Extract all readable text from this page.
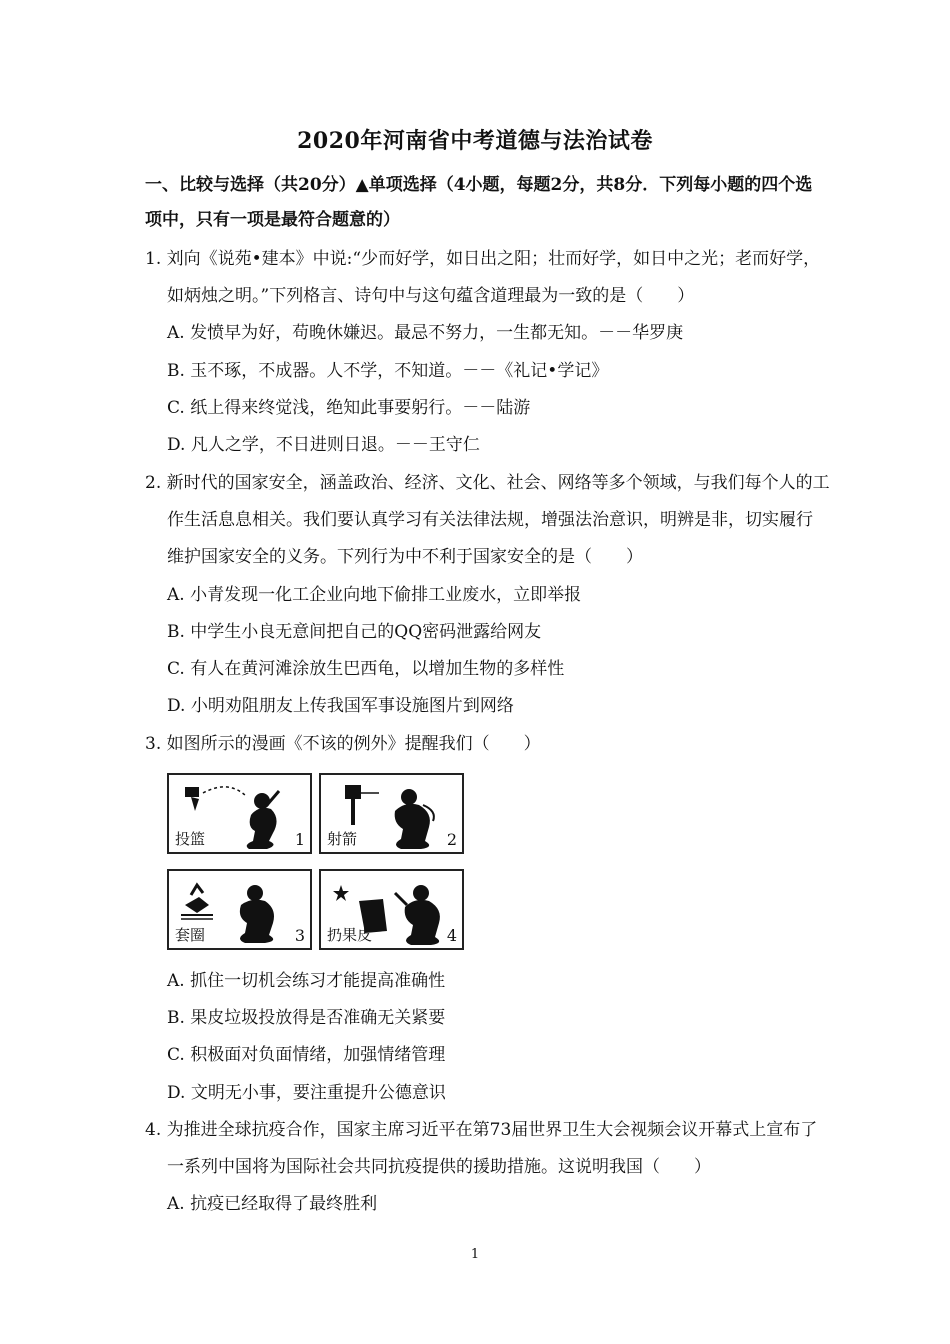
2020年河南省中考道德与法治试卷
一、比较与选择（共20分）▲单项选择（4小题，每题2分，共8分．下列每小题的四个选
项中，只有一项是最符合题意的）
1. 刘向《说苑•建本》中说:“少而好学，如日出之阳；壮而好学，如日中之光；老而好学，
如炳烛之明。”下列格言、诗句中与这句蕴含道理最为一致的是（　　）
A. 发愤早为好，苟晚休嫌迟。最忌不努力，一生都无知。－－华罗庚
B. 玉不琢，不成器。人不学，不知道。－－《礼记•学记》
C. 纸上得来终觉浅，绝知此事要躬行。－－陆游
D. 凡人之学，不日进则日退。－－王守仁
2. 新时代的国家安全，涵盖政治、经济、文化、社会、网络等多个领域，与我们每个人的工
作生活息息相关。我们要认真学习有关法律法规，增强法治意识，明辨是非，切实履行
维护国家安全的义务。下列行为中不利于国家安全的是（　　）
A. 小青发现一化工企业向地下偷排工业废水，立即举报
B. 中学生小良无意间把自己的QQ密码泄露给网友
C. 有人在黄河滩涂放生巴西龟，以增加生物的多样性
D. 小明劝阻朋友上传我国军事设施图片到网络
3. 如图所示的漫画《不该的例外》提醒我们（　　）
投篮	1 射箭	2
套圈	3 扔果皮	4
A. 抓住一切机会练习才能提高准确性
B. 果皮垃圾投放得是否准确无关紧要
C. 积极面对负面情绪，加强情绪管理
D. 文明无小事，要注重提升公德意识
4. 为推进全球抗疫合作，国家主席习近平在第73届世界卫生大会视频会议开幕式上宣布了
一系列中国将为国际社会共同抗疫提供的援助措施。这说明我国（　　）
A. 抗疫已经取得了最终胜利
1
